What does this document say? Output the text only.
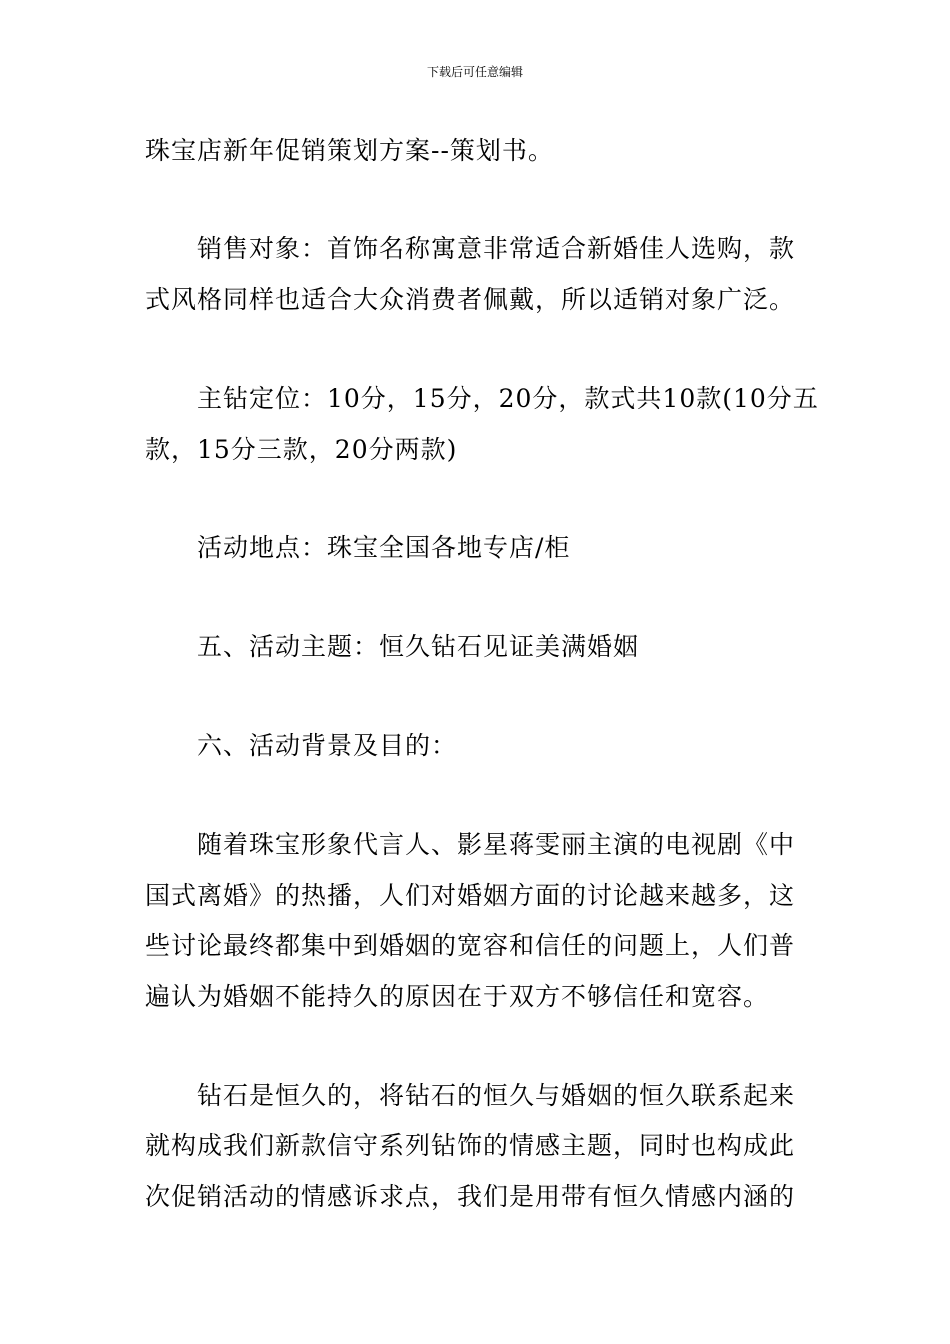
下载后可任意编辑
珠宝店新年促销策划方案--策划书。
销售对象：首饰名称寓意非常适合新婚佳人选购，款
式风格同样也适合大众消费者佩戴，所以适销对象广泛。
主钻定位：10分，15分，20分，款式共10款(10分五
款，15分三款，20分两款)
活动地点：珠宝全国各地专店/柜
五、活动主题：恒久钻石见证美满婚姻
六、活动背景及目的：
随着珠宝形象代言人、影星蒋雯丽主演的电视剧《中
国式离婚》的热播，人们对婚姻方面的讨论越来越多，这
些讨论最终都集中到婚姻的宽容和信任的问题上，人们普
遍认为婚姻不能持久的原因在于双方不够信任和宽容。
钻石是恒久的，将钻石的恒久与婚姻的恒久联系起来
就构成我们新款信守系列钻饰的情感主题，同时也构成此
次促销活动的情感诉求点，我们是用带有恒久情感内涵的
